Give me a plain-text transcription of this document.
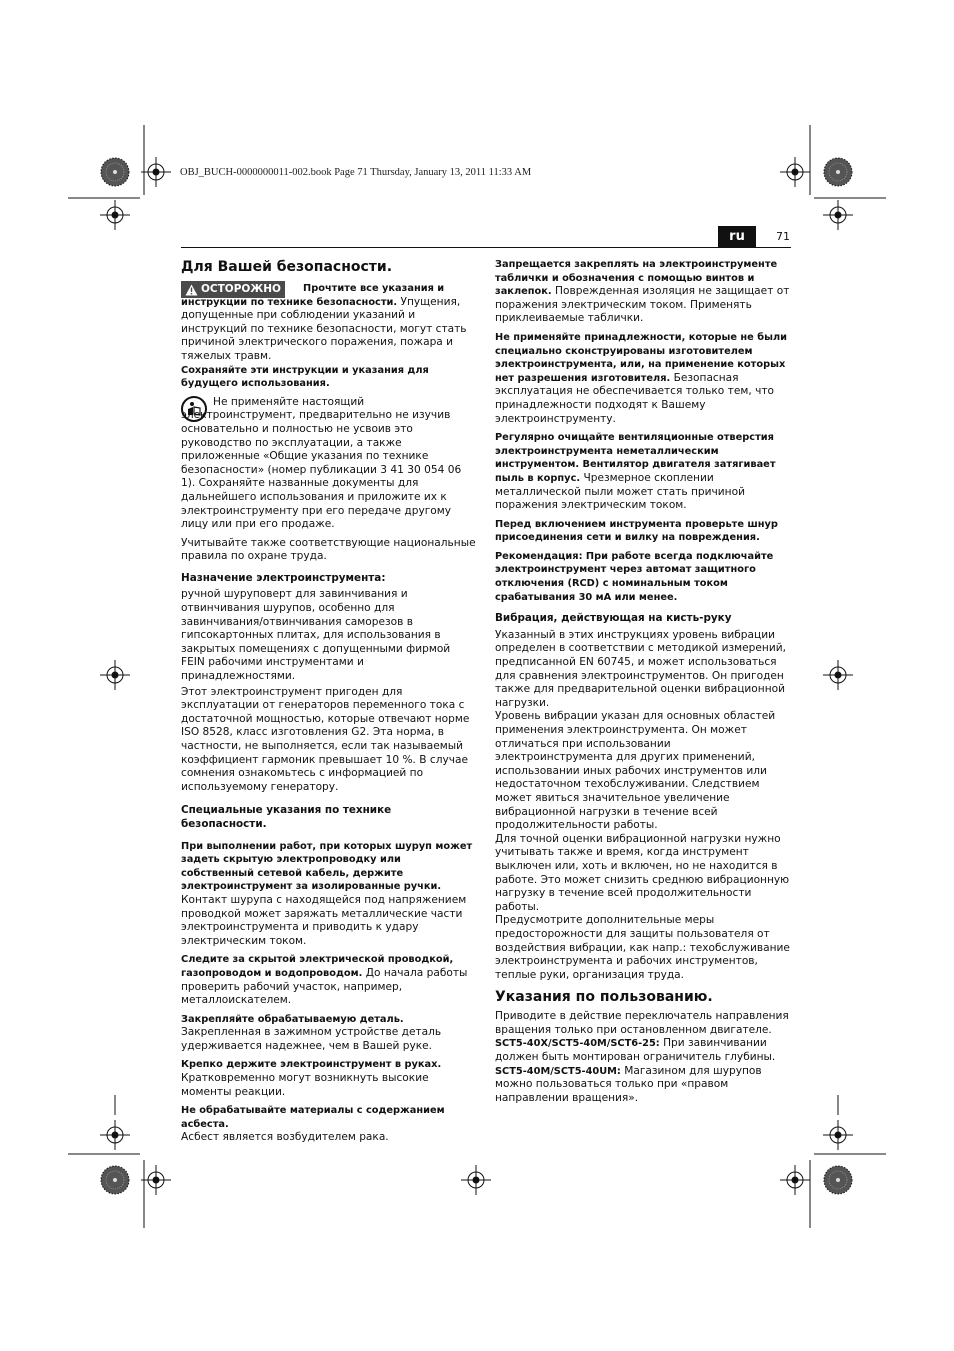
OBJ_BUCH-0000000011-002.book Page 71 Thursday, January 13, 2011 11:33 AM
ru	71
Для Вашей безопасности.
ОСТОРОЖНО	Прочтите все указания и инструкции по технике безопасности. Упущения, допущенные при соблюдении указаний и инструкций по технике безопасности, могут стать причиной электрического поражения, пожара и тяжелых травм.

Сохраняйте эти инструкции и указания для будущего использования.

Не применяйте настоящий электроинструмент, предварительно не изучив основательно и полностью не усвоив это руководство по эксплуатации, а также приложенные «Общие указания по технике безопасности» (номер публикации 3 41 30 054 06 1). Сохраняйте названные документы для дальнейшего использования и приложите их к электроинструменту при его передаче другому лицу или при его продаже.

Учитывайте также соответствующие национальные правила по охране труда.

Назначение электроинструмента:

ручной шуруповерт для завинчивания и отвинчивания шурупов, особенно для завинчивания/отвинчивания саморезов в гипсокартонных плитах, для использования в закрытых помещениях с допущенными фирмой FEIN рабочими инструментами и принадлежностями.

Этот электроинструмент пригоден для эксплуатации от генераторов переменного тока с достаточной мощностью, которые отвечают норме ISO 8528, класс изготовления G2. Эта норма, в частности, не выполняется, если так называемый коэффициент гармоник превышает 10 %. В случае сомнения ознакомьтесь с информацией по используемому генератору.

Специальные указания по технике безопасности.

При выполнении работ, при которых шуруп может задеть скрытую электропроводку или собственный сетевой кабель, держите электроинструмент за изолированные ручки. Контакт шурупа с находящейся под напряжением проводкой может заряжать металлические части электроинструмента и приводить к удару электрическим током.

Следите за скрытой электрической проводкой, газопроводом и водопроводом. До начала работы проверить рабочий участок, например, металлоискателем.

Закрепляйте обрабатываемую деталь. Закрепленная в зажимном устройстве деталь удерживается надежнее, чем в Вашей руке.

Крепко держите электроинструмент в руках.
Кратковременно могут возникнуть высокие моменты реакции.

Не обрабатывайте материалы с содержанием асбеста.
Асбест является возбудителем рака.

Запрещается закреплять на электроинструменте таблички и обозначения с помощью винтов и заклепок. Поврежденная изоляция не защищает от поражения электрическим током. Применять приклеиваемые таблички.

Не применяйте принадлежности, которые не были специально сконструированы изготовителем электроинструмента, или, на применение которых нет разрешения изготовителя. Безопасная эксплуатация не обеспечивается только тем, что принадлежности подходят к Вашему электроинструменту.

Регулярно очищайте вентиляционные отверстия электроинструмента неметаллическим инструментом. Вентилятор двигателя затягивает пыль в корпус. Чрезмерное скоплении металлической пыли может стать причиной поражения электрическим током.

Перед включением инструмента проверьте шнур присоединения сети и вилку на повреждения.

Рекомендация: При работе всегда подключайте электроинструмент через автомат защитного отключения (RCD) с номинальным током срабатывания 30 мА или менее.

Вибрация, действующая на кисть-руку

Указанный в этих инструкциях уровень вибрации определен в соответствии с методикой измерений, предписанной EN 60745, и может использоваться для сравнения электроинструментов. Он пригоден также для предварительной оценки вибрационной нагрузки.

Уровень вибрации указан для основных областей применения электроинструмента. Он может отличаться при использовании электроинструмента для других применений, использовании иных рабочих инструментов или недостаточном техобслуживании. Следствием может явиться значительное увеличение вибрационной нагрузки в течение всей продолжительности работы.

Для точной оценки вибрационной нагрузки нужно учитывать также и время, когда инструмент выключен или, хоть и включен, но не находится в работе. Это может снизить среднюю вибрационную нагрузку в течение всей продолжительности работы.

Предусмотрите дополнительные меры предосторожности для защиты пользователя от воздействия вибрации, как напр.: техобслуживание электроинструмента и рабочих инструментов, теплые руки, организация труда.

Указания по пользованию.

Приводите в действие переключатель направления вращения только при остановленном двигателе.

SCT5-40X/SCT5-40M/SCT6-25: При завинчивании должен быть монтирован ограничитель глубины.

SCT5-40M/SCT5-40UM: Магазином для шурупов можно пользоваться только при «правом направлении вращения».
